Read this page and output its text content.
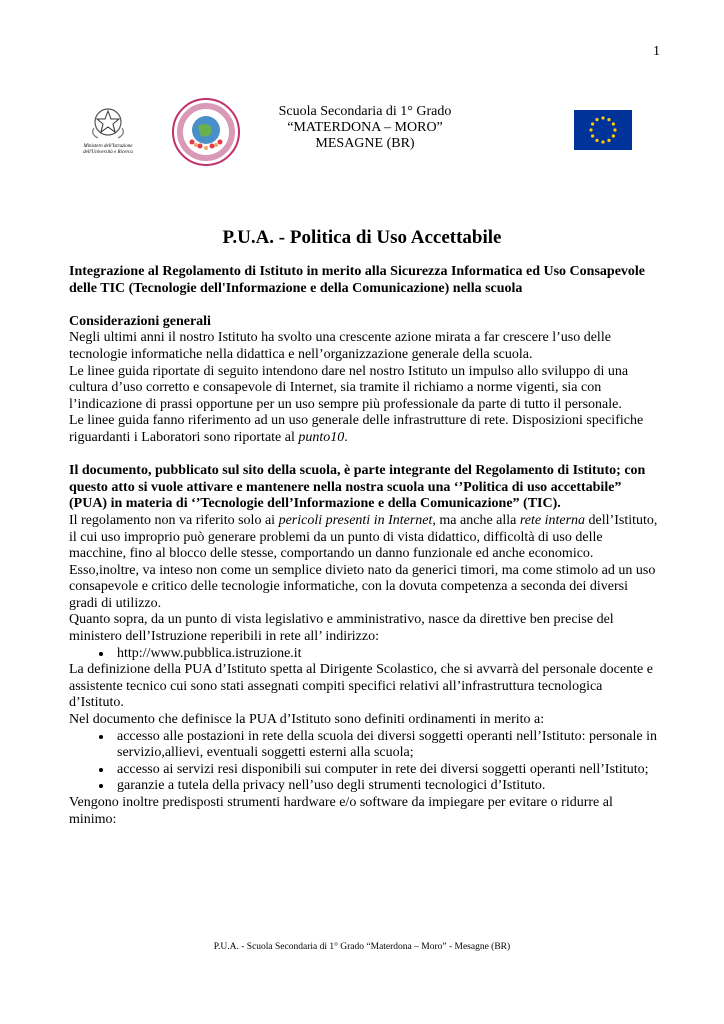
1
Ministero dell'Istruzione dell'Università e Ricerca
Scuola Secondaria di 1° Grado
“MATERDONA – MORO”
MESAGNE (BR)
P.U.A. - Politica di Uso Accettabile

Integrazione al Regolamento di Istituto in merito alla Sicurezza Informatica ed Uso Consapevole delle TIC (Tecnologie dell'Informazione e della Comunicazione) nella scuola

Considerazioni generali

Negli ultimi anni il nostro Istituto ha svolto una crescente azione mirata a far crescere l’uso delle tecnologie informatiche nella didattica e nell’organizzazione generale della scuola.

Le linee guida riportate di seguito intendono dare nel nostro Istituto un impulso allo sviluppo di una cultura d’uso corretto e consapevole di Internet, sia tramite il richiamo a norme vigenti, sia con l’indicazione di prassi opportune per un uso sempre più professionale da parte di tutto il personale.

Le linee guida fanno riferimento ad un uso generale delle infrastrutture di rete. Disposizioni specifiche riguardanti i Laboratori sono riportate al punto10.

Il documento, pubblicato sul sito della scuola, è parte integrante del Regolamento di Istituto; con questo atto si vuole attivare e mantenere nella nostra scuola una ‘’Politica di uso accettabile” (PUA) in materia di ‘’Tecnologie dell’Informazione e della Comunicazione” (TIC).

Il regolamento non va riferito solo ai pericoli presenti in Internet, ma anche alla rete interna dell’Istituto, il cui uso improprio può generare problemi da un punto di vista didattico, difficoltà di uso delle macchine, fino al blocco delle stesse, comportando un danno funzionale ed anche economico.

Esso,inoltre, va inteso non come un semplice divieto nato da generici timori, ma come stimolo ad un uso consapevole e critico delle tecnologie informatiche, con la dovuta competenza a seconda dei diversi gradi di utilizzo.

Quanto sopra, da un punto di vista legislativo e amministrativo, nasce da direttive ben precise del ministero dell’Istruzione reperibili in rete all’ indirizzo:

• http://www.pubblica.istruzione.it

La definizione della PUA d’Istituto spetta al Dirigente Scolastico, che si avvarrà del personale docente e assistente tecnico cui sono stati assegnati compiti specifici relativi all’infrastruttura tecnologica d’Istituto.

Nel documento che definisce la PUA d’Istituto sono definiti ordinamenti in merito a:

• accesso alle postazioni in rete della scuola dei diversi soggetti operanti nell’Istituto: personale in servizio,allievi, eventuali soggetti esterni alla scuola;
• accesso ai servizi resi disponibili sui computer in rete dei diversi soggetti operanti nell’Istituto;
• garanzie a tutela della privacy nell’uso degli strumenti tecnologici d’Istituto.

Vengono inoltre predisposti strumenti hardware e/o software da impiegare per evitare o ridurre al minimo:

P.U.A. - Scuola Secondaria di 1° Grado “Materdona – Moro” - Mesagne (BR)
